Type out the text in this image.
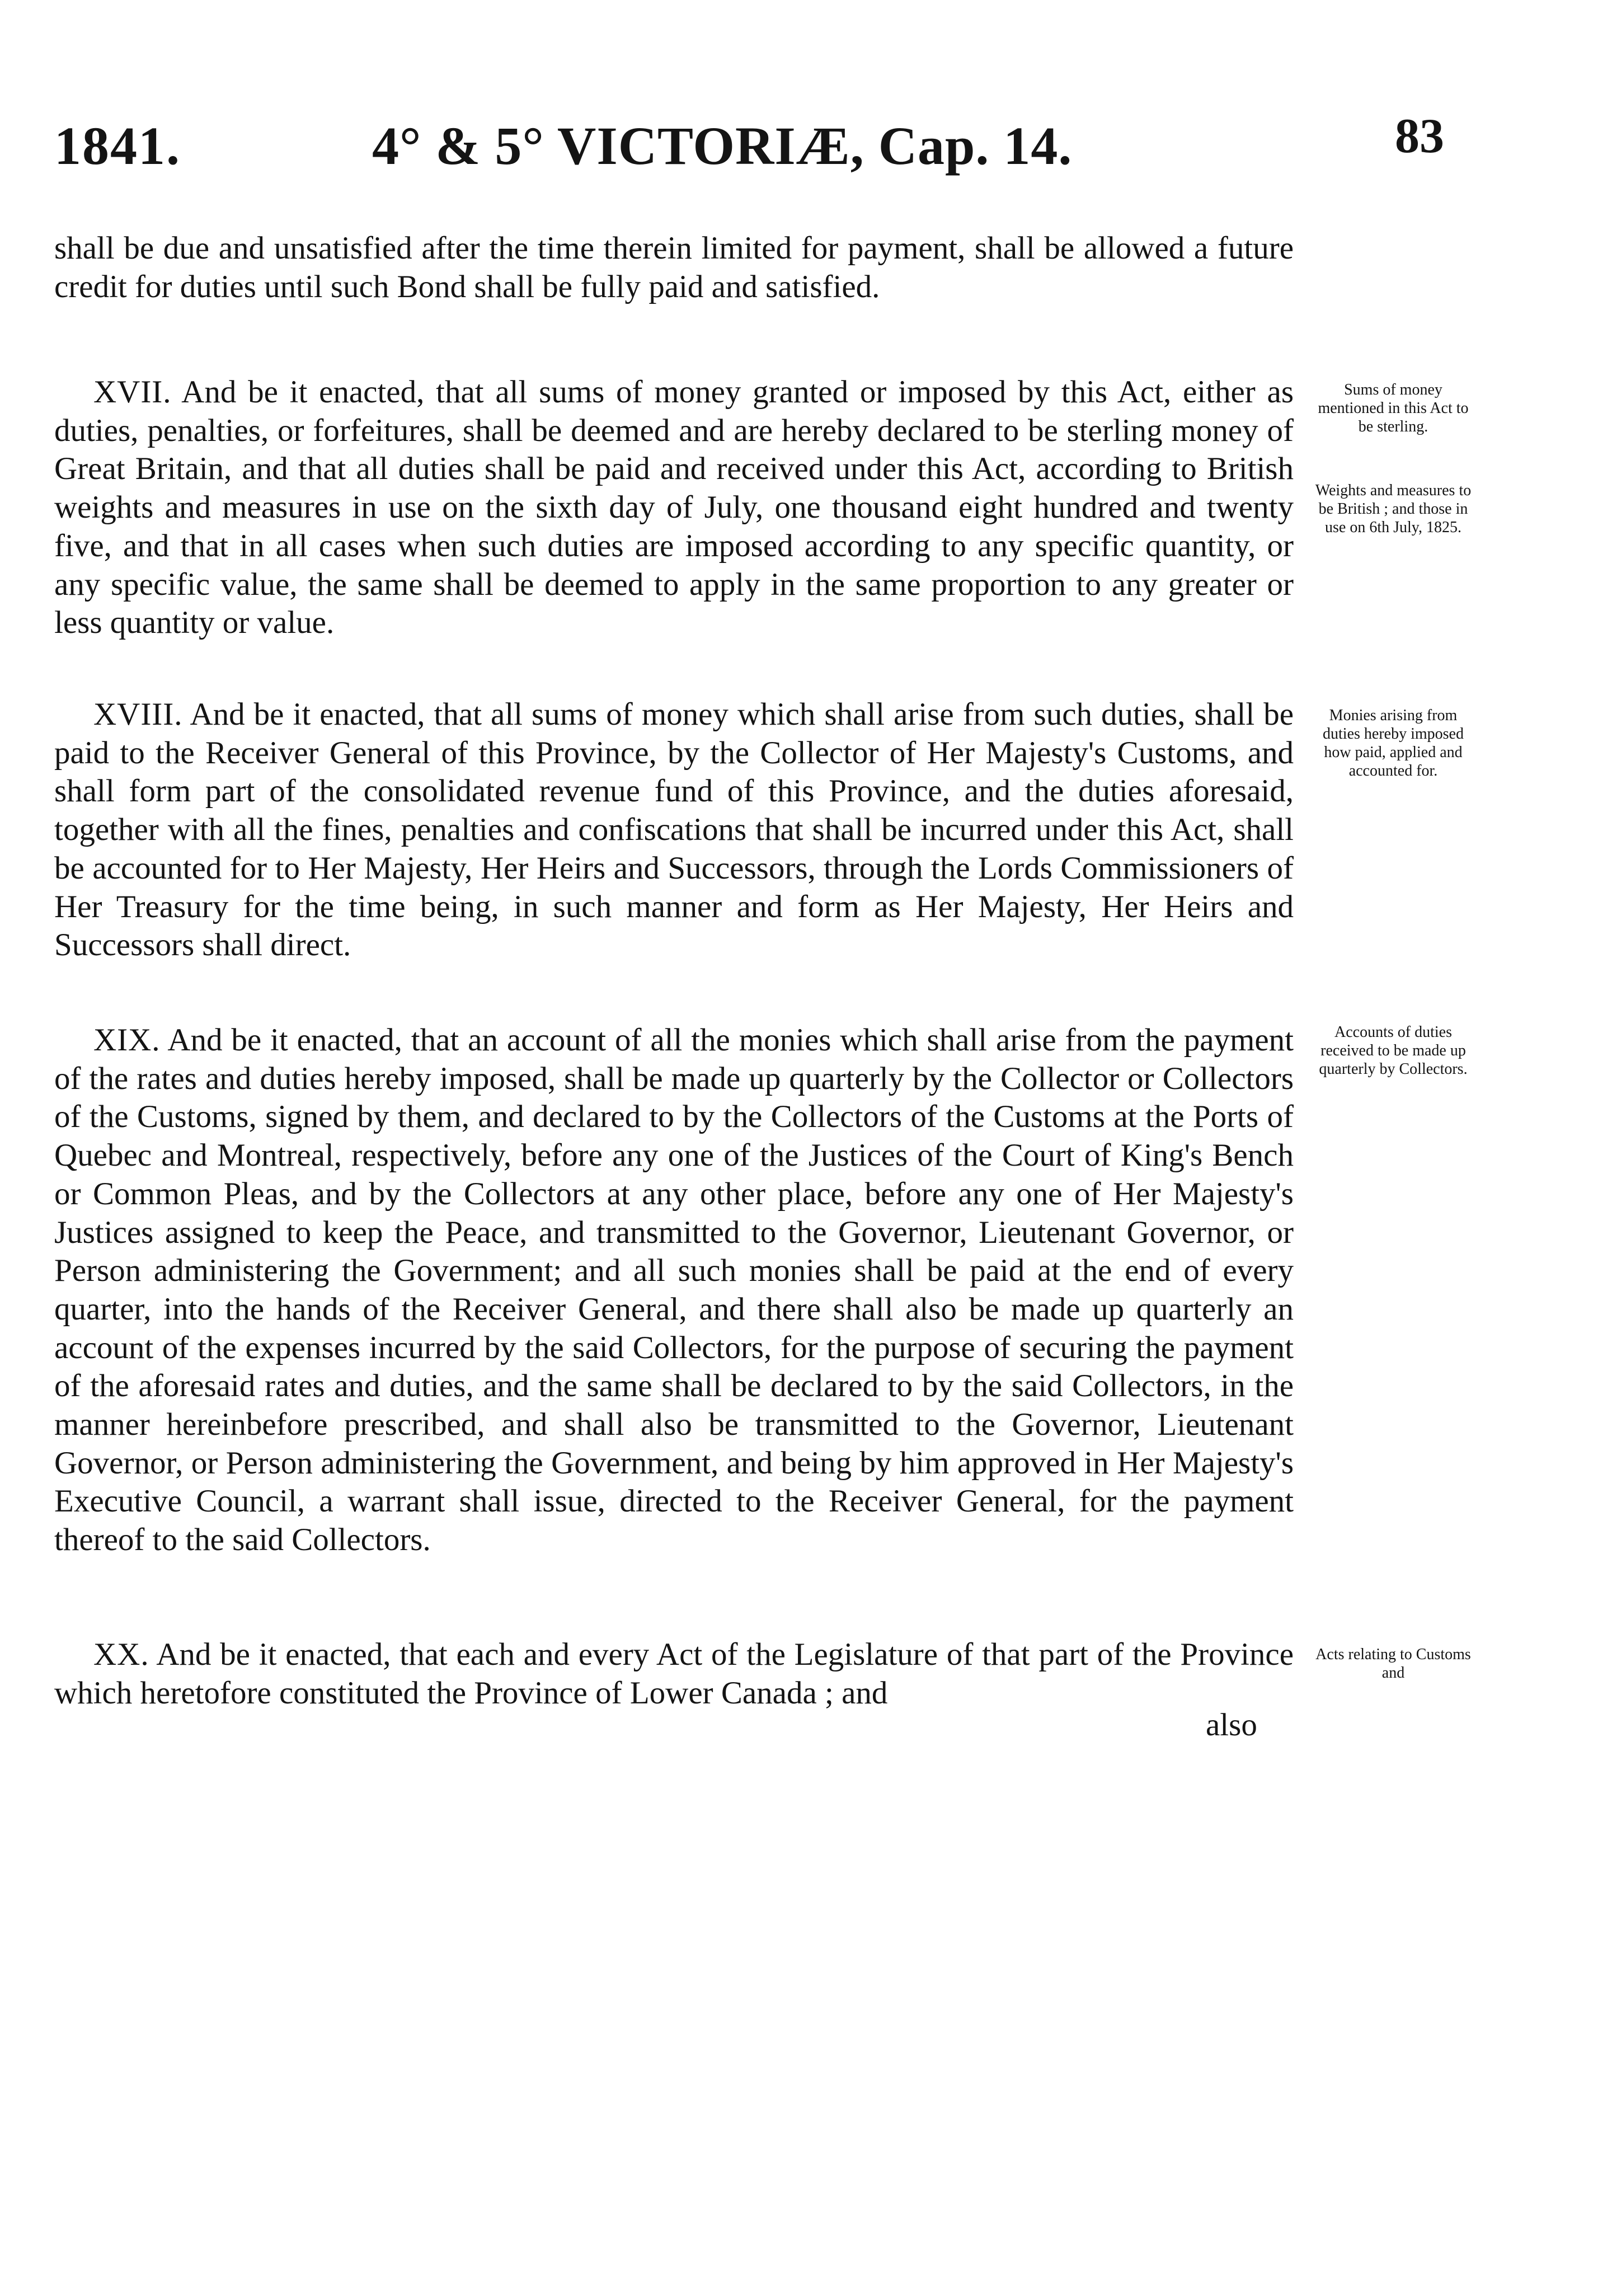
1841.	4° & 5° VICTORIÆ, Cap. 14.	83
shall be due and unsatisfied after the time therein limited for payment, shall be allowed a future credit for duties until such Bond shall be fully paid and satisfied.
XVII. And be it enacted, that all sums of money granted or imposed by this Act, either as duties, penalties, or forfeitures, shall be deemed and are hereby declared to be sterling money of Great Britain, and that all duties shall be paid and received under this Act, according to British weights and measures in use on the sixth day of July, one thousand eight hundred and twenty five, and that in all cases when such duties are imposed according to any specific quantity, or any specific value, the same shall be deemed to apply in the same proportion to any greater or less quantity or value.
XVIII. And be it enacted, that all sums of money which shall arise from such duties, shall be paid to the Receiver General of this Province, by the Collector of Her Majesty's Customs, and shall form part of the consolidated revenue fund of this Province, and the duties aforesaid, together with all the fines, penalties and confiscations that shall be incurred under this Act, shall be accounted for to Her Majesty, Her Heirs and Successors, through the Lords Commissioners of Her Treasury for the time being, in such manner and form as Her Majesty, Her Heirs and Successors shall direct.
XIX. And be it enacted, that an account of all the monies which shall arise from the payment of the rates and duties hereby imposed, shall be made up quarterly by the Collector or Collectors of the Customs, signed by them, and declared to by the Collectors of the Customs at the Ports of Quebec and Montreal, respectively, before any one of the Justices of the Court of King's Bench or Common Pleas, and by the Collectors at any other place, before any one of Her Majesty's Justices assigned to keep the Peace, and transmitted to the Governor, Lieutenant Governor, or Person administering the Government; and all such monies shall be paid at the end of every quarter, into the hands of the Receiver General, and there shall also be made up quarterly an account of the expenses incurred by the said Collectors, for the purpose of securing the payment of the aforesaid rates and duties, and the same shall be declared to by the said Collectors, in the manner hereinbefore prescribed, and shall also be transmitted to the Governor, Lieutenant Governor, or Person administering the Government, and being by him approved in Her Majesty's Executive Council, a warrant shall issue, directed to the Receiver General, for the payment thereof to the said Collectors.
XX. And be it enacted, that each and every Act of the Legislature of that part of the Province which heretofore constituted the Province of Lower Canada ; and
also
Sums of money mentioned in this Act to be sterling.
Weights and measures to be British ; and those in use on 6th July, 1825.
Monies arising from duties hereby imposed how paid, applied and accounted for.
Accounts of duties received to be made up quarterly by Collectors.
Acts relating to Customs and
